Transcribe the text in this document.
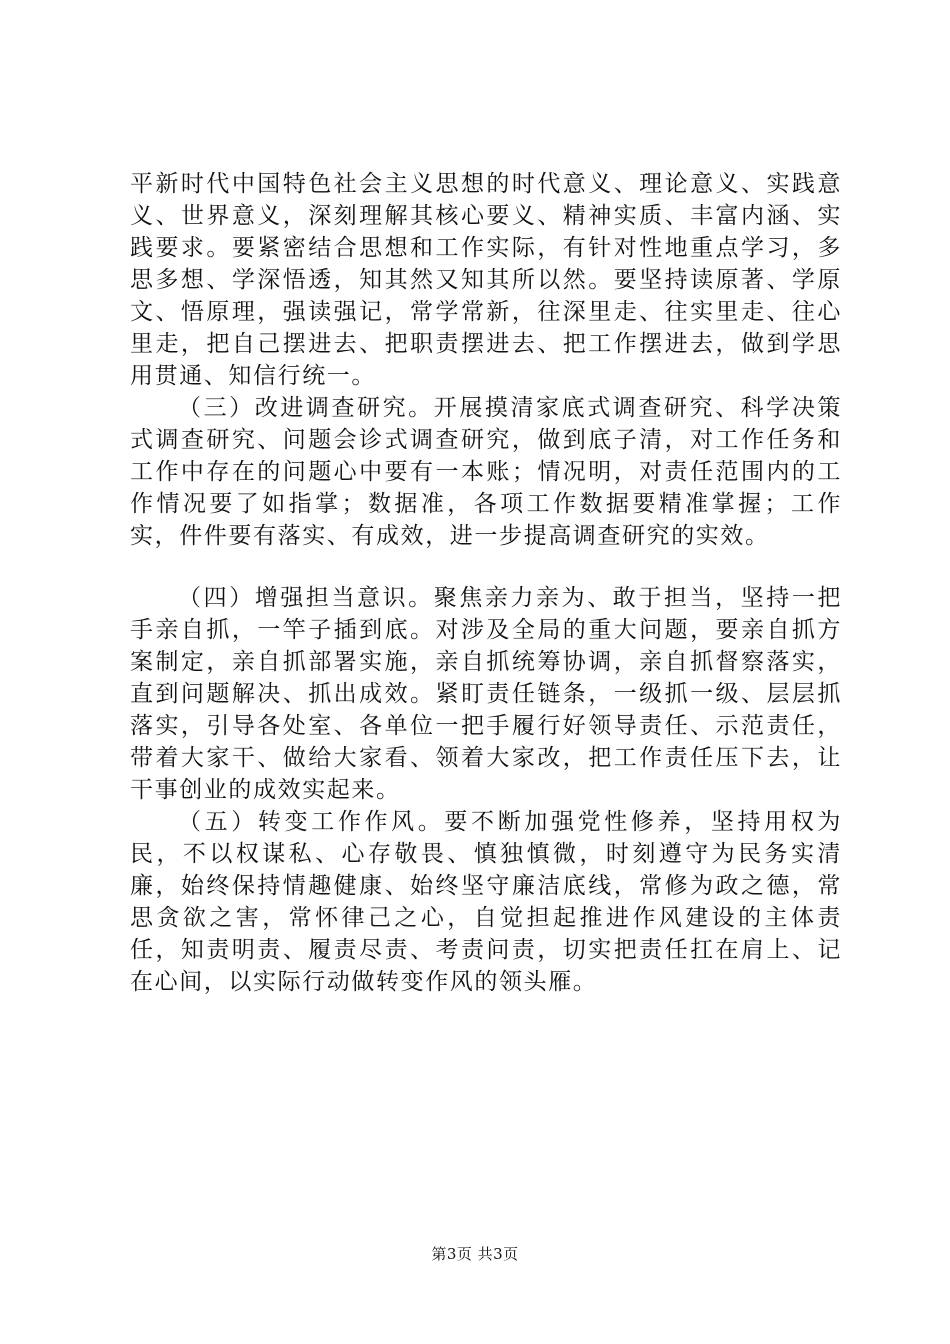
平新时代中国特色社会主义思想的时代意义、理论意义、实践意义、世界意义，深刻理解其核心要义、精神实质、丰富内涵、实践要求。要紧密结合思想和工作实际，有针对性地重点学习，多思多想、学深悟透，知其然又知其所以然。要坚持读原著、学原文、悟原理，强读强记，常学常新，往深里走、往实里走、往心里走，把自己摆进去、把职责摆进去、把工作摆进去，做到学思用贯通、知信行统一。

（三）改进调查研究。开展摸清家底式调查研究、科学决策式调查研究、问题会诊式调查研究，做到底子清，对工作任务和工作中存在的问题心中要有一本账；情况明，对责任范围内的工作情况要了如指掌；数据准，各项工作数据要精准掌握；工作实，件件要有落实、有成效，进一步提高调查研究的实效。

（四）增强担当意识。聚焦亲力亲为、敢于担当，坚持一把手亲自抓，一竿子插到底。对涉及全局的重大问题，要亲自抓方案制定，亲自抓部署实施，亲自抓统筹协调，亲自抓督察落实，直到问题解决、抓出成效。紧盯责任链条，一级抓一级、层层抓落实，引导各处室、各单位一把手履行好领导责任、示范责任，带着大家干、做给大家看、领着大家改，把工作责任压下去，让干事创业的成效实起来。

（五）转变工作作风。要不断加强党性修养，坚持用权为民，不以权谋私、心存敬畏、慎独慎微，时刻遵守为民务实清廉，始终保持情趣健康、始终坚守廉洁底线，常修为政之德，常思贪欲之害，常怀律己之心，自觉担起推进作风建设的主体责任，知责明责、履责尽责、考责问责，切实把责任扛在肩上、记在心间，以实际行动做转变作风的领头雁。

第3页 共3页
